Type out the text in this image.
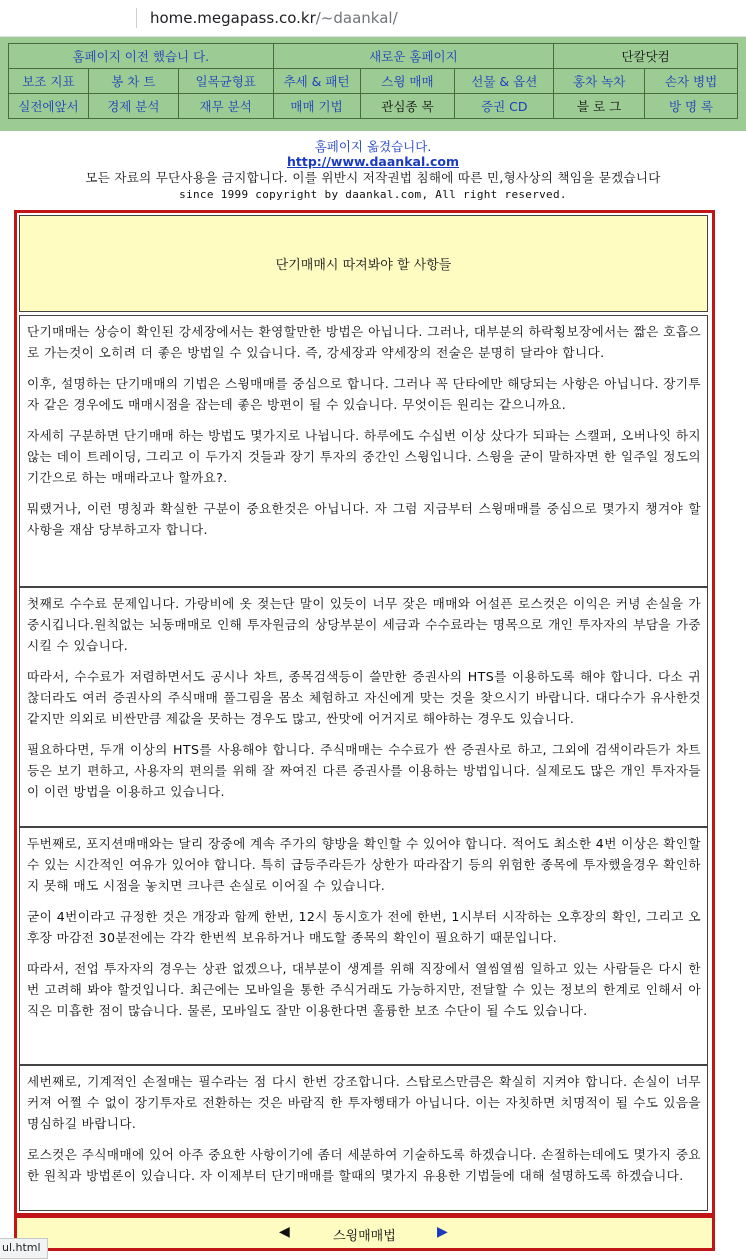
home.megapass.co.kr/~daankal/
홈페이지 이전 했습니 다.			새로운 홈페이지			단칼닷컴	
보조 지표	봉 차 트	일목균형표	추세 & 패턴	스윙 매매	선물 & 옵션	홍차 녹차	손자 병법
실전에앞서	경제 분석	재무 분석	매매 기법	관심종 목	증권 CD	블 로 그	방 명 록
홈페이지 옮겼습니다.
http://www.daankal.com
모든 자료의 무단사용을 금지합니다. 이를 위반시 저작권법 침해에 따른 민,형사상의 책임을 묻겠습니다
since 1999 copyright by daankal.com, All right reserved.
단기매매시 따져봐야 할 사항들

단기매매는 상승이 확인된 강세장에서는 환영할만한 방법은 아닙니다. 그러나, 대부분의 하락횡보장에서는 짧은 호흡으로 가는것이 오히려 더 좋은 방법일 수 있습니다. 즉, 강세장과 약세장의 전술은 분명히 달라야 합니다.

이후, 설명하는 단기매매의 기법은 스윙매매를 중심으로 합니다. 그러나 꼭 단타에만 해당되는 사항은 아닙니다. 장기투자 같은 경우에도 매매시점을 잡는데 좋은 방편이 될 수 있습니다. 무엇이든 원리는 같으니까요.

자세히 구분하면 단기매매 하는 방법도 몇가지로 나뉩니다. 하루에도 수십번 이상 샀다가 되파는 스캘퍼, 오버나잇 하지 않는 데이 트레이딩, 그리고 이 두가지 것들과 장기 투자의 중간인 스윙입니다. 스윙을 굳이 말하자면 한 일주일 정도의 기간으로 하는 매매라고나 할까요?.

뭐랬거나, 이런 명칭과 확실한 구분이 중요한것은 아닙니다. 자 그럼 지금부터 스윙매매를 중심으로 몇가지 챙겨야 할 사항을 재삼 당부하고자 합니다.

첫째로 수수료 문제입니다. 가랑비에 옷 젖는단 말이 있듯이 너무 잦은 매매와 어설픈 로스컷은 이익은 커녕 손실을 가중시킵니다.원칙없는 뇌동매매로 인해 투자원금의 상당부분이 세금과 수수료라는 명목으로 개인 투자자의 부담을 가중 시킬 수 있습니다.

따라서, 수수료가 저렴하면서도 공시나 차트, 종목검색등이 쓸만한 증권사의 HTS를 이용하도록 해야 합니다. 다소 귀찮더라도 여러 증권사의 주식매매 풀그림을 몸소 체험하고 자신에게 맞는 것을 찾으시기 바랍니다. 대다수가 유사한것 같지만 의외로 비싼만큼 제값을 못하는 경우도 많고, 싼맛에 어거지로 해야하는 경우도 있습니다.

필요하다면, 두개 이상의 HTS를 사용해야 합니다. 주식매매는 수수료가 싼 증권사로 하고, 그외에 검색이라든가 차트등은 보기 편하고, 사용자의 편의를 위해 잘 짜여진 다른 증권사를 이용하는 방법입니다. 실제로도 많은 개인 투자자들이 이런 방법을 이용하고 있습니다.

두번째로, 포지션매매와는 달리 장중에 계속 주가의 향방을 확인할 수 있어야 합니다. 적어도 최소한 4번 이상은 확인할 수 있는 시간적인 여유가 있어야 합니다. 특히 급등주라든가 상한가 따라잡기 등의 위험한 종목에 투자했을경우 확인하지 못해 매도 시점을 놓치면 크나큰 손실로 이어질 수 있습니다.

굳이 4번이라고 규정한 것은 개장과 함께 한번, 12시 동시호가 전에 한번, 1시부터 시작하는 오후장의 확인, 그리고 오후장 마감전 30분전에는 각각 한번씩 보유하거나 매도할 종목의 확인이 필요하기 때문입니다.

따라서, 전업 투자자의 경우는 상관 없겠으나, 대부분이 생계를 위해 직장에서 열씸열씸 일하고 있는 사람들은 다시 한번 고려해 봐야 할것입니다. 최근에는 모바일을 통한 주식거래도 가능하지만, 전달할 수 있는 정보의 한계로 인해서 아직은 미흡한 점이 많습니다. 물론, 모바일도 잘만 이용한다면 훌륭한 보조 수단이 될 수도 있습니다.

세번째로, 기계적인 손절매는 필수라는 점 다시 한번 강조합니다. 스탑로스만큼은 확실히 지켜야 합니다. 손실이 너무 커져 어쩔 수 없이 장기투자로 전환하는 것은 바람직 한 투자행태가 아닙니다. 이는 자칫하면 치명적이 될 수도 있음을 명심하길 바랍니다.

로스컷은 주식매매에 있어 아주 중요한 사항이기에 좀더 세분하여 기술하도록 하겠습니다. 손절하는데에도 몇가지 중요한 원칙과 방법론이 있습니다. 자 이제부터 단기매매를 할때의 몇가지 유용한 기법들에 대해 설명하도록 하겠습니다.

◀	스윙매매법	▶
ul.html
